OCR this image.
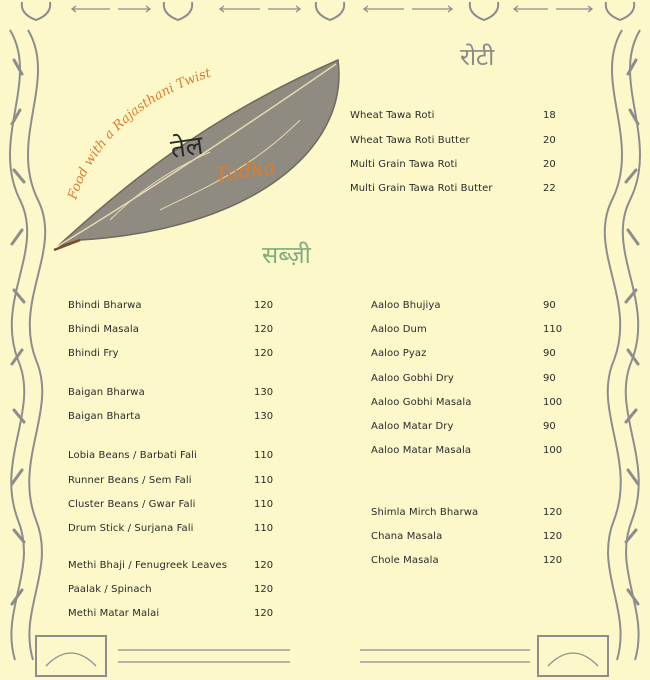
Food with a Rajasthani Twist
तेल
Tadka
रोटी
Wheat Tawa Roti	18
Wheat Tawa Roti Butter	20
Multi Grain Tawa Roti	20
Multi Grain Tawa Roti Butter	22
सब्ज़ी
Bhindi Bharwa	120
Bhindi Masala	120
Bhindi Fry	120
Baigan Bharwa	130
Baigan Bharta	130
Lobia Beans / Barbati Fali	110
Runner Beans / Sem Fali	110
Cluster Beans / Gwar Fali	110
Drum Stick / Surjana Fali	110
Methi Bhaji / Fenugreek Leaves	120
Paalak / Spinach	120
Methi Matar Malai	120
Aaloo Bhujiya	90
Aaloo Dum	110
Aaloo Pyaz	90
Aaloo Gobhi Dry	90
Aaloo Gobhi Masala	100
Aaloo Matar Dry	90
Aaloo Matar Masala	100
Shimla Mirch Bharwa	120
Chana Masala	120
Chole Masala	120
